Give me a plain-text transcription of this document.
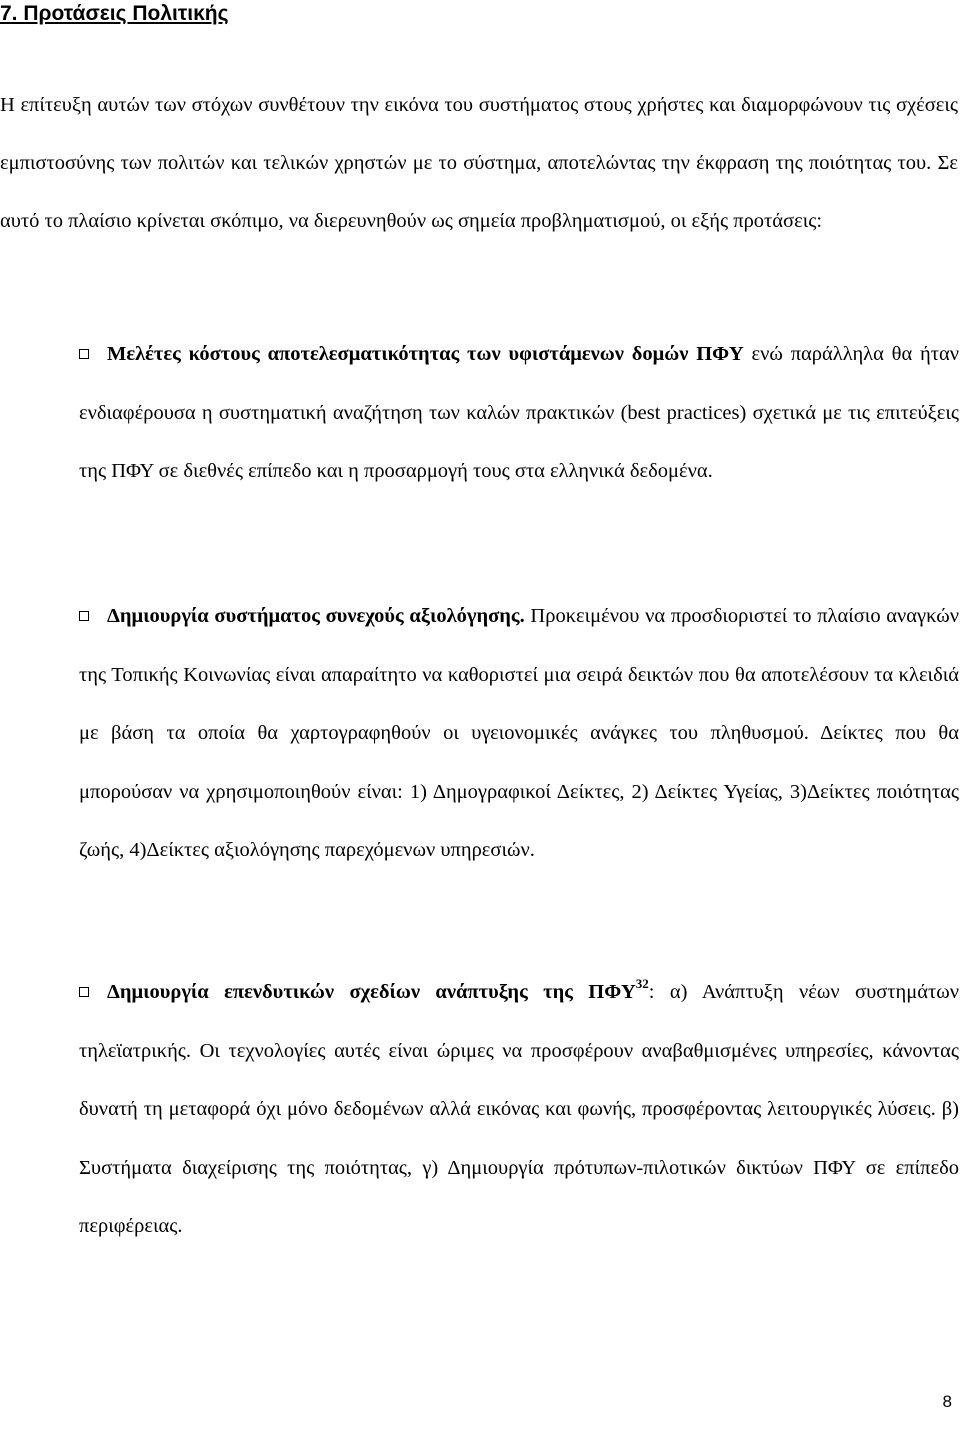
7. Προτάσεις Πολιτικής

Η επίτευξη αυτών των στόχων συνθέτουν την εικόνα του συστήματος στους χρήστες και διαμορφώνουν τις σχέσεις εμπιστοσύνης των πολιτών και τελικών χρηστών με το σύστημα, αποτελώντας την έκφραση της ποιότητας του. Σε αυτό το πλαίσιο κρίνεται σκόπιμο, να διερευνηθούν ως σημεία προβληματισμού, οι εξής προτάσεις:

Μελέτες κόστους αποτελεσματικότητας των υφιστάμενων δομών ΠΦΥ ενώ παράλληλα θα ήταν ενδιαφέρουσα η συστηματική αναζήτηση των καλών πρακτικών (best practices) σχετικά με τις επιτεύξεις της ΠΦΥ σε διεθνές επίπεδο και η προσαρμογή τους στα ελληνικά δεδομένα.

Δημιουργία συστήματος συνεχούς αξιολόγησης. Προκειμένου να προσδιοριστεί το πλαίσιο αναγκών της Τοπικής Κοινωνίας είναι απαραίτητο να καθοριστεί μια σειρά δεικτών που θα αποτελέσουν τα κλειδιά με βάση τα οποία θα χαρτογραφηθούν οι υγειονομικές ανάγκες του πληθυσμού. Δείκτες που θα μπορούσαν να χρησιμοποιηθούν είναι: 1) Δημογραφικοί Δείκτες, 2) Δείκτες Υγείας, 3)Δείκτες ποιότητας ζωής, 4)Δείκτες αξιολόγησης παρεχόμενων υπηρεσιών.

Δημιουργία επενδυτικών σχεδίων ανάπτυξης της ΠΦΥ$^{32}$: α) Ανάπτυξη νέων συστημάτων τηλεϊατρικής. Οι τεχνολογίες αυτές είναι ώριμες να προσφέρουν αναβαθμισμένες υπηρεσίες, κάνοντας δυνατή τη μεταφορά όχι μόνο δεδομένων αλλά εικόνας και φωνής, προσφέροντας λειτουργικές λύσεις. β) Συστήματα διαχείρισης της ποιότητας, γ) Δημιουργία πρότυπων-πιλοτικών δικτύων ΠΦΥ σε επίπεδο περιφέρειας.

8
